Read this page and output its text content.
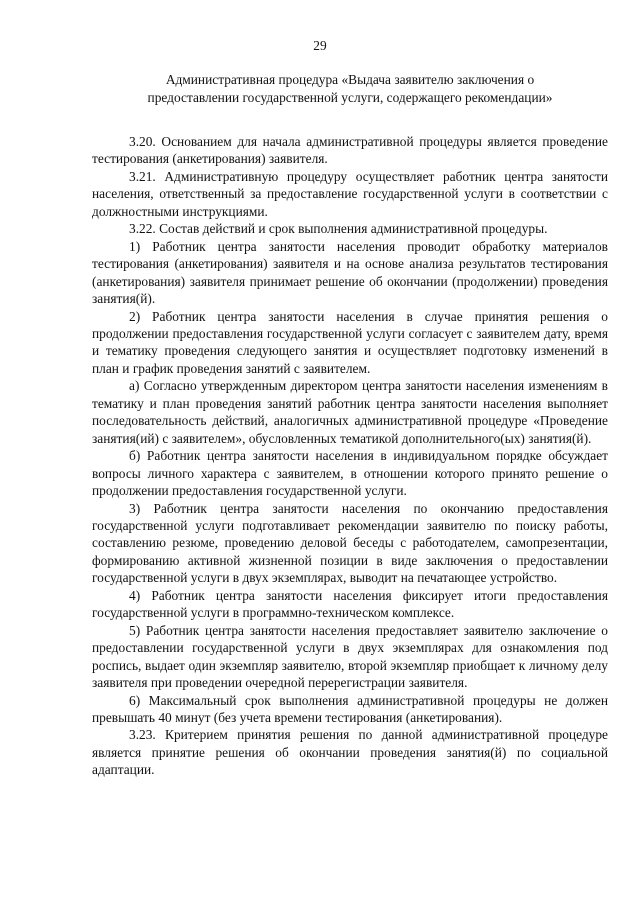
29
Административная процедура «Выдача заявителю заключения о
предоставлении государственной услуги, содержащего рекомендации»

3.20. Основанием для начала административной процедуры является проведение тестирования (анкетирования) заявителя.

3.21. Административную процедуру осуществляет работник центра занятости населения, ответственный за предоставление государственной услуги в соответствии с должностными инструкциями.

3.22. Состав действий и срок выполнения административной процедуры.

1) Работник центра занятости населения проводит обработку материалов тестирования (анкетирования) заявителя и на основе анализа результатов тестирования (анкетирования) заявителя принимает решение об окончании (продолжении) проведения занятия(й).

2) Работник центра занятости населения в случае принятия решения о продолжении предоставления государственной услуги согласует с заявителем дату, время и тематику проведения следующего занятия и осуществляет подготовку изменений в план и график проведения занятий с заявителем.

а) Согласно утвержденным директором центра занятости населения изменениям в тематику и план проведения занятий работник центра занятости населения выполняет последовательность действий, аналогичных административной процедуре «Проведение занятия(ий) с заявителем», обусловленных тематикой дополнительного(ых) занятия(й).

б) Работник центра занятости населения в индивидуальном порядке обсуждает вопросы личного характера с заявителем, в отношении которого принято решение о продолжении предоставления государственной услуги.

3) Работник центра занятости населения по окончанию предоставления государственной услуги подготавливает рекомендации заявителю по поиску работы, составлению резюме, проведению деловой беседы с работодателем, самопрезентации, формированию активной жизненной позиции в виде заключения о предоставлении государственной услуги в двух экземплярах, выводит на печатающее устройство.

4) Работник центра занятости населения фиксирует итоги предоставления государственной услуги в программно-техническом комплексе.

5) Работник центра занятости населения предоставляет заявителю заключение о предоставлении государственной услуги в двух экземплярах для ознакомления под роспись, выдает один экземпляр заявителю, второй экземпляр приобщает к личному делу заявителя при проведении очередной перерегистрации заявителя.

6) Максимальный срок выполнения административной процедуры не должен превышать 40 минут (без учета времени тестирования (анкетирования).

3.23. Критерием принятия решения по данной административной процедуре является принятие решения об окончании проведения занятия(й) по социальной адаптации.
